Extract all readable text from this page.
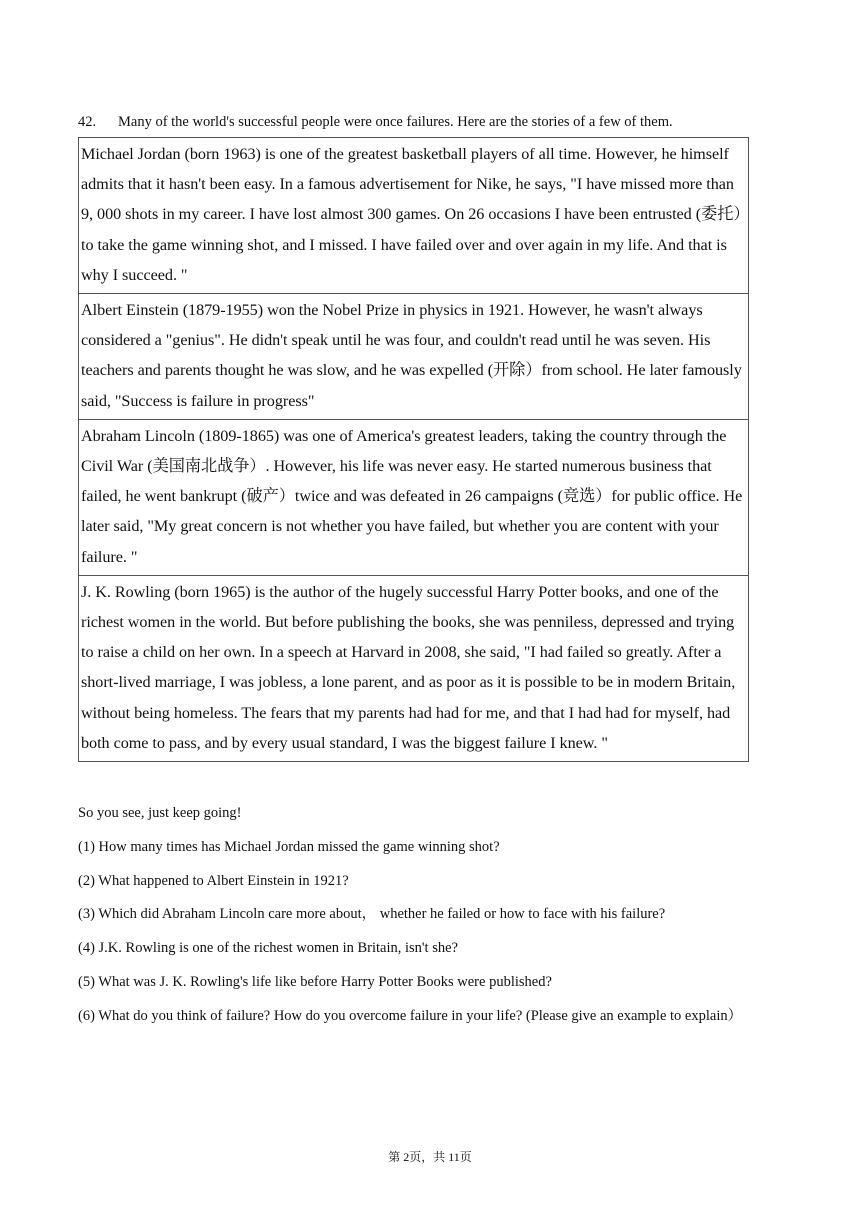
42. Many of the world's successful people were once failures. Here are the stories of a few of them.
Michael Jordan (born 1963) is one of the greatest basketball players of all time. However, he himself admits that it hasn't been easy. In a famous advertisement for Nike, he says, "I have missed more than 9, 000 shots in my career. I have lost almost 300 games. On 26 occasions I have been entrusted (委托）to take the game winning shot, and I missed. I have failed over and over again in my life. And that is why I succeed. "
Albert Einstein (1879-1955) won the Nobel Prize in physics in 1921. However, he wasn't always considered a "genius". He didn't speak until he was four, and couldn't read until he was seven. His teachers and parents thought he was slow, and he was expelled (开除）from school. He later famously said, "Success is failure in progress"
Abraham Lincoln (1809-1865) was one of America's greatest leaders, taking the country through the Civil War (美国南北战争）. However, his life was never easy. He started numerous business that failed, he went bankrupt (破产）twice and was defeated in 26 campaigns (竞选）for public office. He later said, "My great concern is not whether you have failed, but whether you are content with your failure. "
J. K. Rowling (born 1965) is the author of the hugely successful Harry Potter books, and one of the richest women in the world. But before publishing the books, she was penniless, depressed and trying to raise a child on her own. In a speech at Harvard in 2008, she said, "I had failed so greatly. After a short-lived marriage, I was jobless, a lone parent, and as poor as it is possible to be in modern Britain, without being homeless. The fears that my parents had had for me, and that I had had for myself, had both come to pass, and by every usual standard, I was the biggest failure I knew. "

So you see, just keep going!

(1) How many times has Michael Jordan missed the game winning shot?

(2) What happened to Albert Einstein in 1921?

(3) Which did Abraham Lincoln care more about， whether he failed or how to face with his failure?

(4) J.K. Rowling is one of the richest women in Britain, isn't she?

(5) What was J. K. Rowling's life like before Harry Potter Books were published?

(6) What do you think of failure? How do you overcome failure in your life? (Please give an example to explain）

第 2页，共 11页
